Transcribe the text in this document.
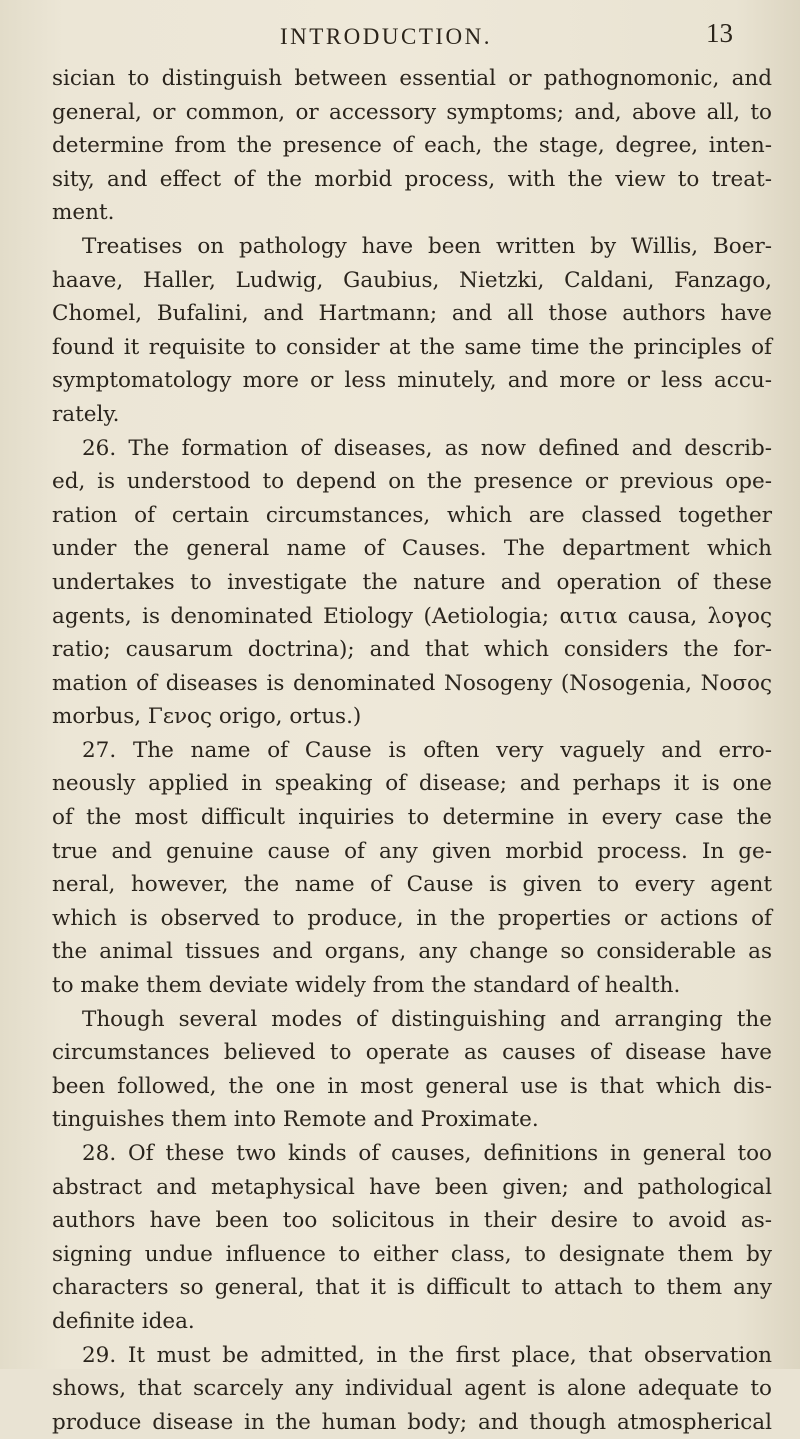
INTRODUCTION.	13
sician to distinguish between essential or pathognomonic, and
general, or common, or accessory symptoms; and, above all, to
determine from the presence of each, the stage, degree, inten-
sity, and effect of the morbid process, with the view to treat-
ment.
Treatises on pathology have been written by Willis, Boer-
haave, Haller, Ludwig, Gaubius, Nietzki, Caldani, Fanzago,
Chomel, Bufalini, and Hartmann; and all those authors have
found it requisite to consider at the same time the principles of
symptomatology more or less minutely, and more or less accu-
rately.
26. The formation of diseases, as now defined and describ-
ed, is understood to depend on the presence or previous ope-
ration of certain circumstances, which are classed together
under the general name of Causes. The department which
undertakes to investigate the nature and operation of these
agents, is denominated Etiology (Aetiologia; αιτια causa, λογος
ratio; causarum doctrina); and that which considers the for-
mation of diseases is denominated Nosogeny (Nosogenia, Νοσος
morbus, Γενος origo, ortus.)
27. The name of Cause is often very vaguely and erro-
neously applied in speaking of disease; and perhaps it is one
of the most difficult inquiries to determine in every case the
true and genuine cause of any given morbid process. In ge-
neral, however, the name of Cause is given to every agent
which is observed to produce, in the properties or actions of
the animal tissues and organs, any change so considerable as
to make them deviate widely from the standard of health.
Though several modes of distinguishing and arranging the
circumstances believed to operate as causes of disease have
been followed, the one in most general use is that which dis-
tinguishes them into Remote and Proximate.
28. Of these two kinds of causes, definitions in general too
abstract and metaphysical have been given; and pathological
authors have been too solicitous in their desire to avoid as-
signing undue influence to either class, to designate them by
characters so general, that it is difficult to attach to them any
definite idea.
29. It must be admitted, in the first place, that observation
shows, that scarcely any individual agent is alone adequate to
produce disease in the human body; and though atmospherical
